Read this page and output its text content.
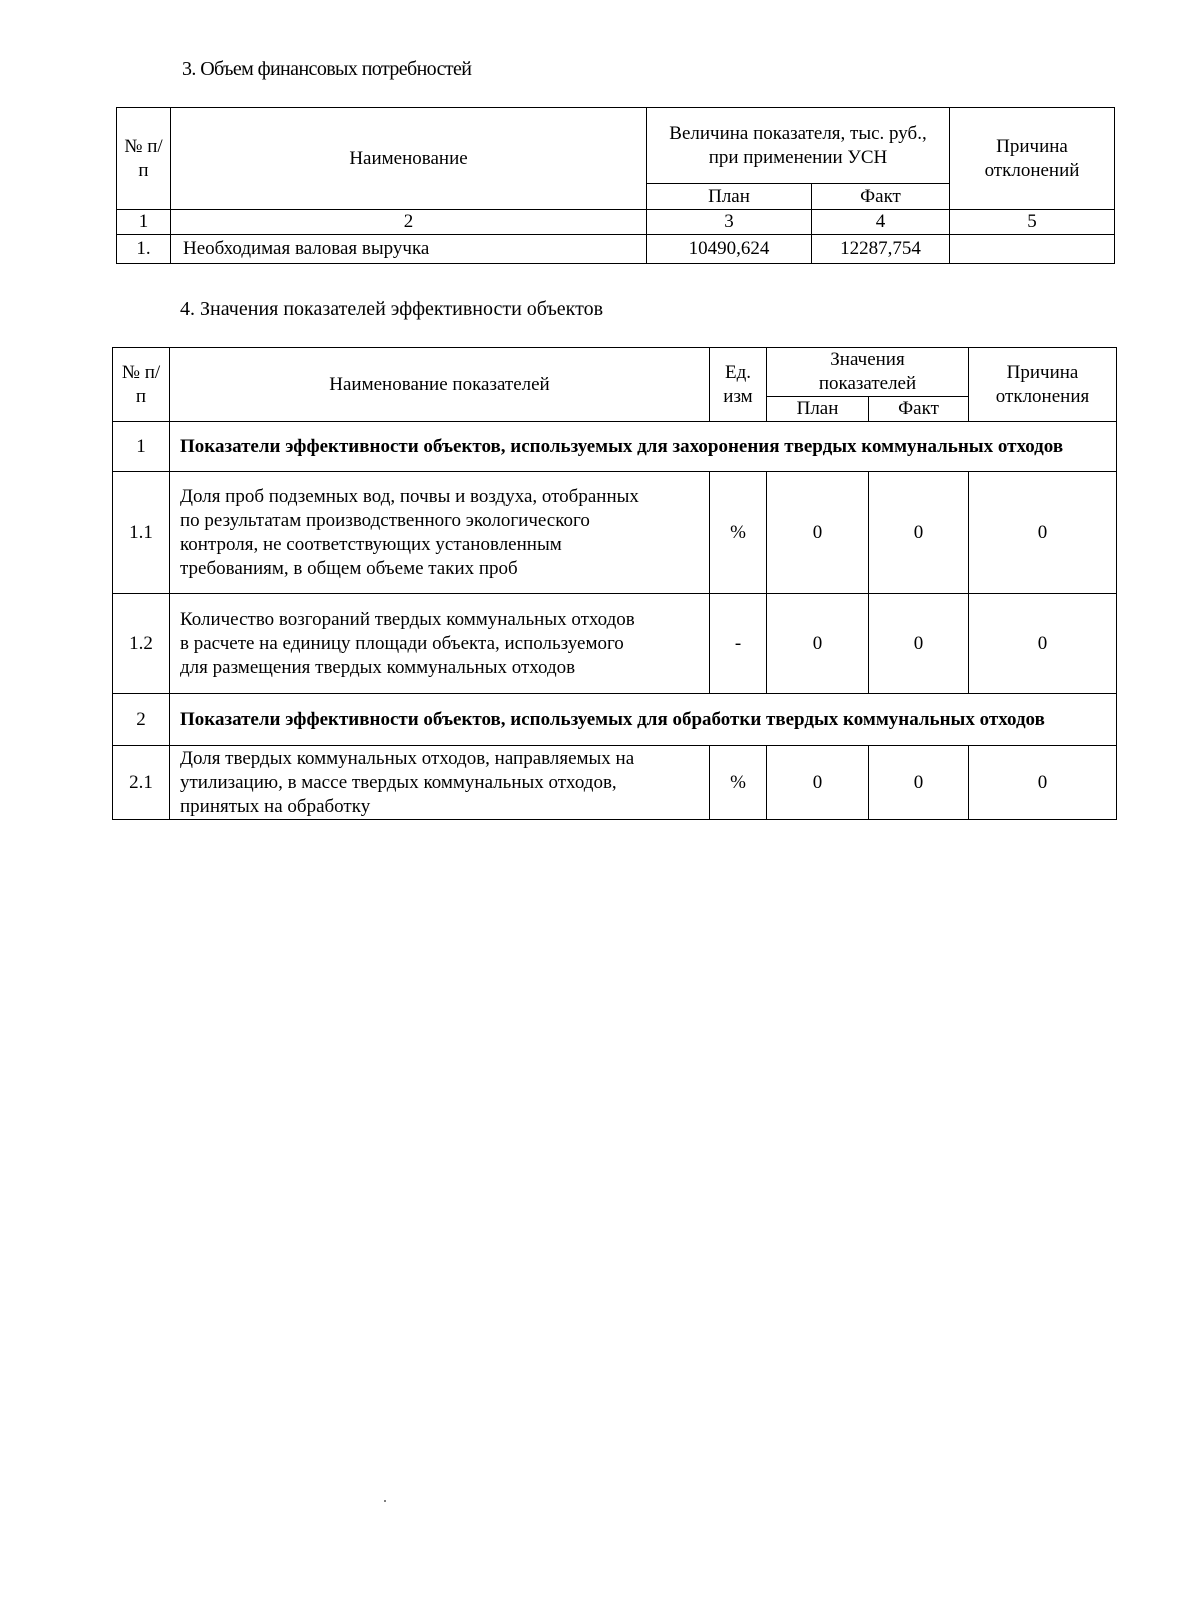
3. Объем финансовых потребностей
№ п/п	Наименование	Величина показателя, тыс. руб., при применении УСН		Причина отклонений
		План	Факт	
1	2	3	4	5
1.	Необходимая валовая выручка	10490,624	12287,754	
4. Значения показателей эффективности объектов
№ п/п	Наименование показателей	Ед. изм	Значения показателей		Причина отклонения
			План	Факт	
1	Показатели эффективности объектов, используемых для захоронения твердых коммунальных отходов				
1.1	Доля проб подземных вод, почвы и воздуха, отобранных по результатам производственного экологического контроля, не соответствующих установленным требованиям, в общем объеме таких проб	%	0	0	0
1.2	Количество возгораний твердых коммунальных отходов в расчете на единицу площади объекта, используемого для размещения твердых коммунальных отходов	-	0	0	0
2	Показатели эффективности объектов, используемых для обработки твердых коммунальных отходов				
2.1	Доля твердых коммунальных отходов, направляемых на утилизацию, в массе твердых коммунальных отходов, принятых на обработку	%	0	0	0
